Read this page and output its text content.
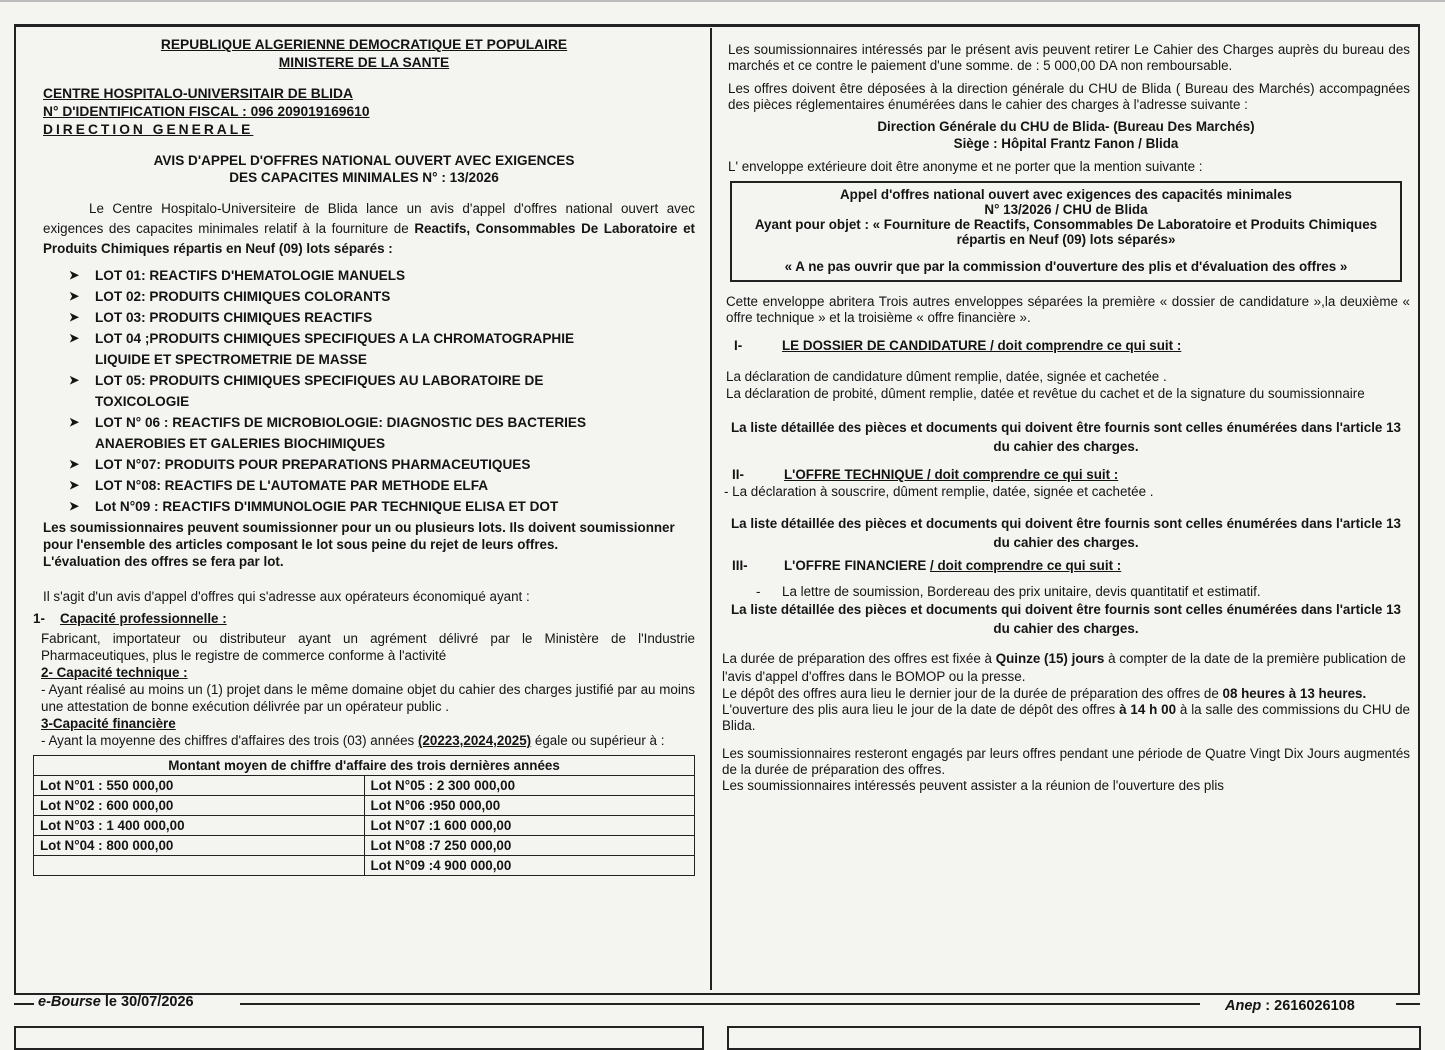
REPUBLIQUE ALGERIENNE DEMOCRATIQUE ET POPULAIRE
MINISTERE DE LA SANTE
CENTRE HOSPITALO-UNIVERSITAIR DE BLIDA
N° D'IDENTIFICATION FISCAL : 096 209019169610
DIRECTION GENERALE
AVIS D'APPEL D'OFFRES NATIONAL OUVERT AVEC EXIGENCES
DES CAPACITES MINIMALES N° : 13/2026

Le Centre Hospitalo-Universiteire de Blida lance un avis d'appel d'offres national ouvert avec exigences des capacites minimales relatif à la fourniture de Reactifs, Consommables De Laboratoire et Produits Chimiques répartis en Neuf (09) lots séparés :

➤ LOT 01: REACTIFS D'HEMATOLOGIE MANUELS
➤ LOT 02: PRODUITS CHIMIQUES COLORANTS
➤ LOT 03: PRODUITS CHIMIQUES REACTIFS
➤ LOT 04 ;PRODUITS CHIMIQUES SPECIFIQUES A LA CHROMATOGRAPHIE
LIQUIDE ET SPECTROMETRIE DE MASSE
➤ LOT 05: PRODUITS CHIMIQUES SPECIFIQUES AU LABORATOIRE DE
TOXICOLOGIE
➤ LOT N° 06 : REACTIFS DE MICROBIOLOGIE: DIAGNOSTIC DES BACTERIES
ANAEROBIES ET GALERIES BIOCHIMIQUES
➤ LOT N°07: PRODUITS POUR PREPARATIONS PHARMACEUTIQUES
➤ LOT N°08: REACTIFS DE L'AUTOMATE PAR METHODE ELFA
➤ Lot N°09 : REACTIFS D'IMMUNOLOGIE PAR TECHNIQUE ELISA ET DOT

Les soumissionnaires peuvent soumissionner pour un ou plusieurs lots. Ils doivent soumissionner pour l'ensemble des articles composant le lot sous peine du rejet de leurs offres.

L'évaluation des offres se fera par lot.

Il s'agit d'un avis d'appel d'offres qui s'adresse aux opérateurs économiqué ayant :

1- Capacité professionnelle :

Fabricant, importateur ou distributeur ayant un agrément délivré par le Ministère de l'Industrie Pharmaceutiques, plus le registre de commerce conforme à l'activité

2- Capacité technique :

- Ayant réalisé au moins un (1) projet dans le même domaine objet du cahier des charges justifié par au moins une attestation de bonne exécution délivrée par un opérateur public .

3-Capacité financière

- Ayant la moyenne des chiffres d'affaires des trois (03) années (20223,2024,2025) égale ou supérieur à :

Montant moyen de chiffre d'affaire des trois dernières années	
Lot N°01 : 550 000,00	Lot N°05 : 2 300 000,00
Lot N°02 : 600 000,00	Lot N°06 :950 000,00
Lot N°03 : 1 400 000,00	Lot N°07 :1 600 000,00
Lot N°04 : 800 000,00	Lot N°08 :7 250 000,00
	Lot N°09 :4 900 000,00

Les soumissionnaires intéressés par le présent avis peuvent retirer Le Cahier des Charges auprès du bureau des marchés et ce contre le paiement d'une somme. de : 5 000,00 DA non remboursable.

Les offres doivent être déposées à la direction générale du CHU de Blida ( Bureau des Marchés) accompagnées des pièces réglementaires énumérées dans le cahier des charges à l'adresse suivante :

Direction Générale du CHU de Blida- (Bureau Des Marchés)
Siège : Hôpital Frantz Fanon / Blida

L' enveloppe extérieure doit être anonyme et ne porter que la mention suivante :

Appel d'offres national ouvert avec exigences des capacités minimales
N° 13/2026 / CHU de Blida
Ayant pour objet : « Fourniture de Reactifs, Consommables De Laboratoire et Produits Chimiques répartis en Neuf (09) lots séparés»
« A ne pas ouvrir que par la commission d'ouverture des plis et d'évaluation des offres »

Cette enveloppe abritera Trois autres enveloppes séparées la première « dossier de candidature »,la deuxième « offre technique » et la troisième « offre financière ».

I-	LE DOSSIER DE CANDIDATURE / doit comprendre ce qui suit :

La déclaration de candidature dûment remplie, datée, signée et cachetée .

La déclaration de probité, dûment remplie, datée et revêtue du cachet et de la signature du soumissionnaire

La liste détaillée des pièces et documents qui doivent être fournis sont celles énumérées dans l'article 13 du cahier des charges.

II-	L'OFFRE TECHNIQUE / doit comprendre ce qui suit :

- La déclaration à souscrire, dûment remplie, datée, signée et cachetée .

La liste détaillée des pièces et documents qui doivent être fournis sont celles énumérées dans l'article 13 du cahier des charges.

III-	L'OFFRE FINANCIERE / doit comprendre ce qui suit :

- La lettre de soumission, Bordereau des prix unitaire, devis quantitatif et estimatif.

La liste détaillée des pièces et documents qui doivent être fournis sont celles énumérées dans l'article 13 du cahier des charges.

La durée de préparation des offres est fixée à Quinze (15) jours à compter de la date de la première publication de l'avis d'appel d'offres dans le BOMOP ou la presse.

Le dépôt des offres aura lieu le dernier jour de la durée de préparation des offres de 08 heures à 13 heures.

L'ouverture des plis aura lieu le jour de la date de dépôt des offres à 14 h 00 à la salle des commissions du CHU de Blida.

Les soumissionnaires resteront engagés par leurs offres pendant une période de Quatre Vingt Dix Jours augmentés de la durée de préparation des offres.

Les soumissionnaires intéressés peuvent assister a la réunion de l'ouverture des plis

e-Bourse le 30/07/2026	Anep : 2616026108
